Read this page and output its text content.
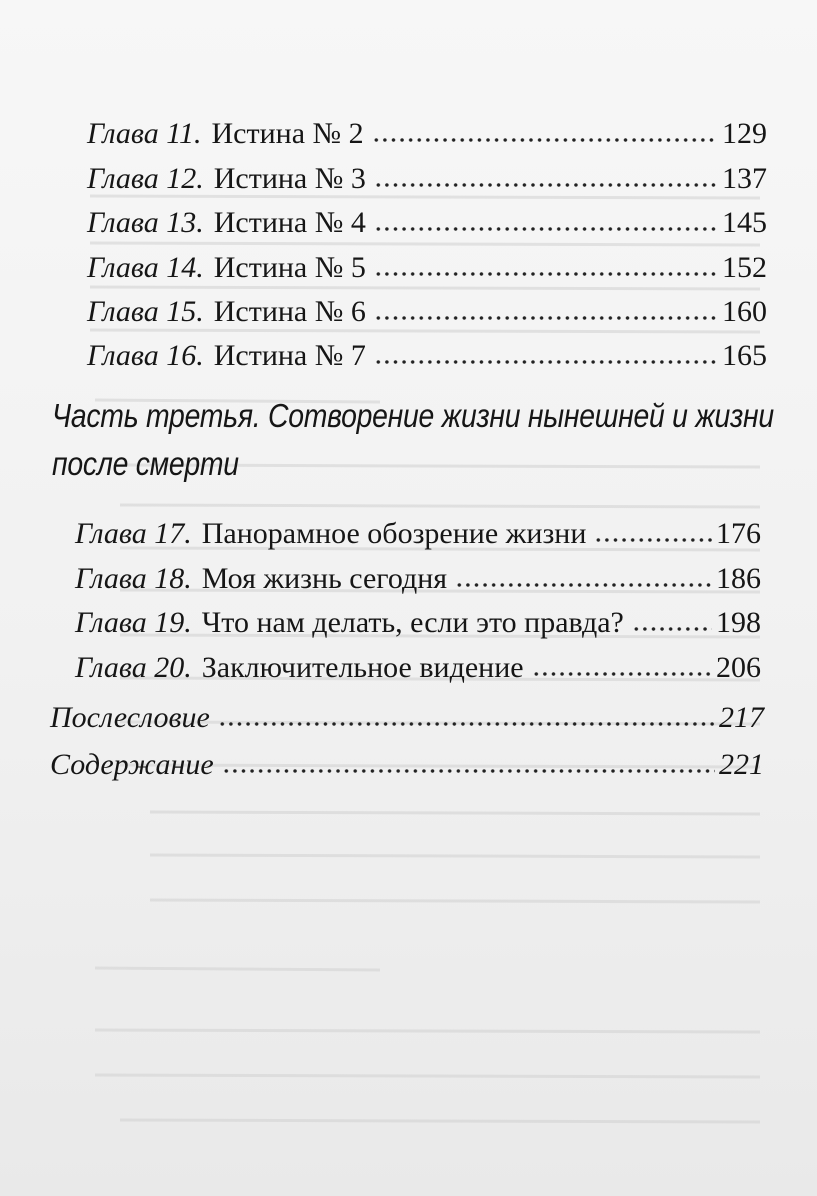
Глава 11. Истина № 2	129
Глава 12. Истина № 3	137
Глава 13. Истина № 4	145
Глава 14. Истина № 5	152
Глава 15. Истина № 6	160
Глава 16. Истина № 7	165
Часть третья. Сотворение жизни нынешней и жизни после смерти
Глава 17. Панорамное обозрение жизни	176
Глава 18. Моя жизнь сегодня	186
Глава 19. Что нам делать, если это правда?	198
Глава 20. Заключительное видение	206
Послесловие	217
Содержание	221
